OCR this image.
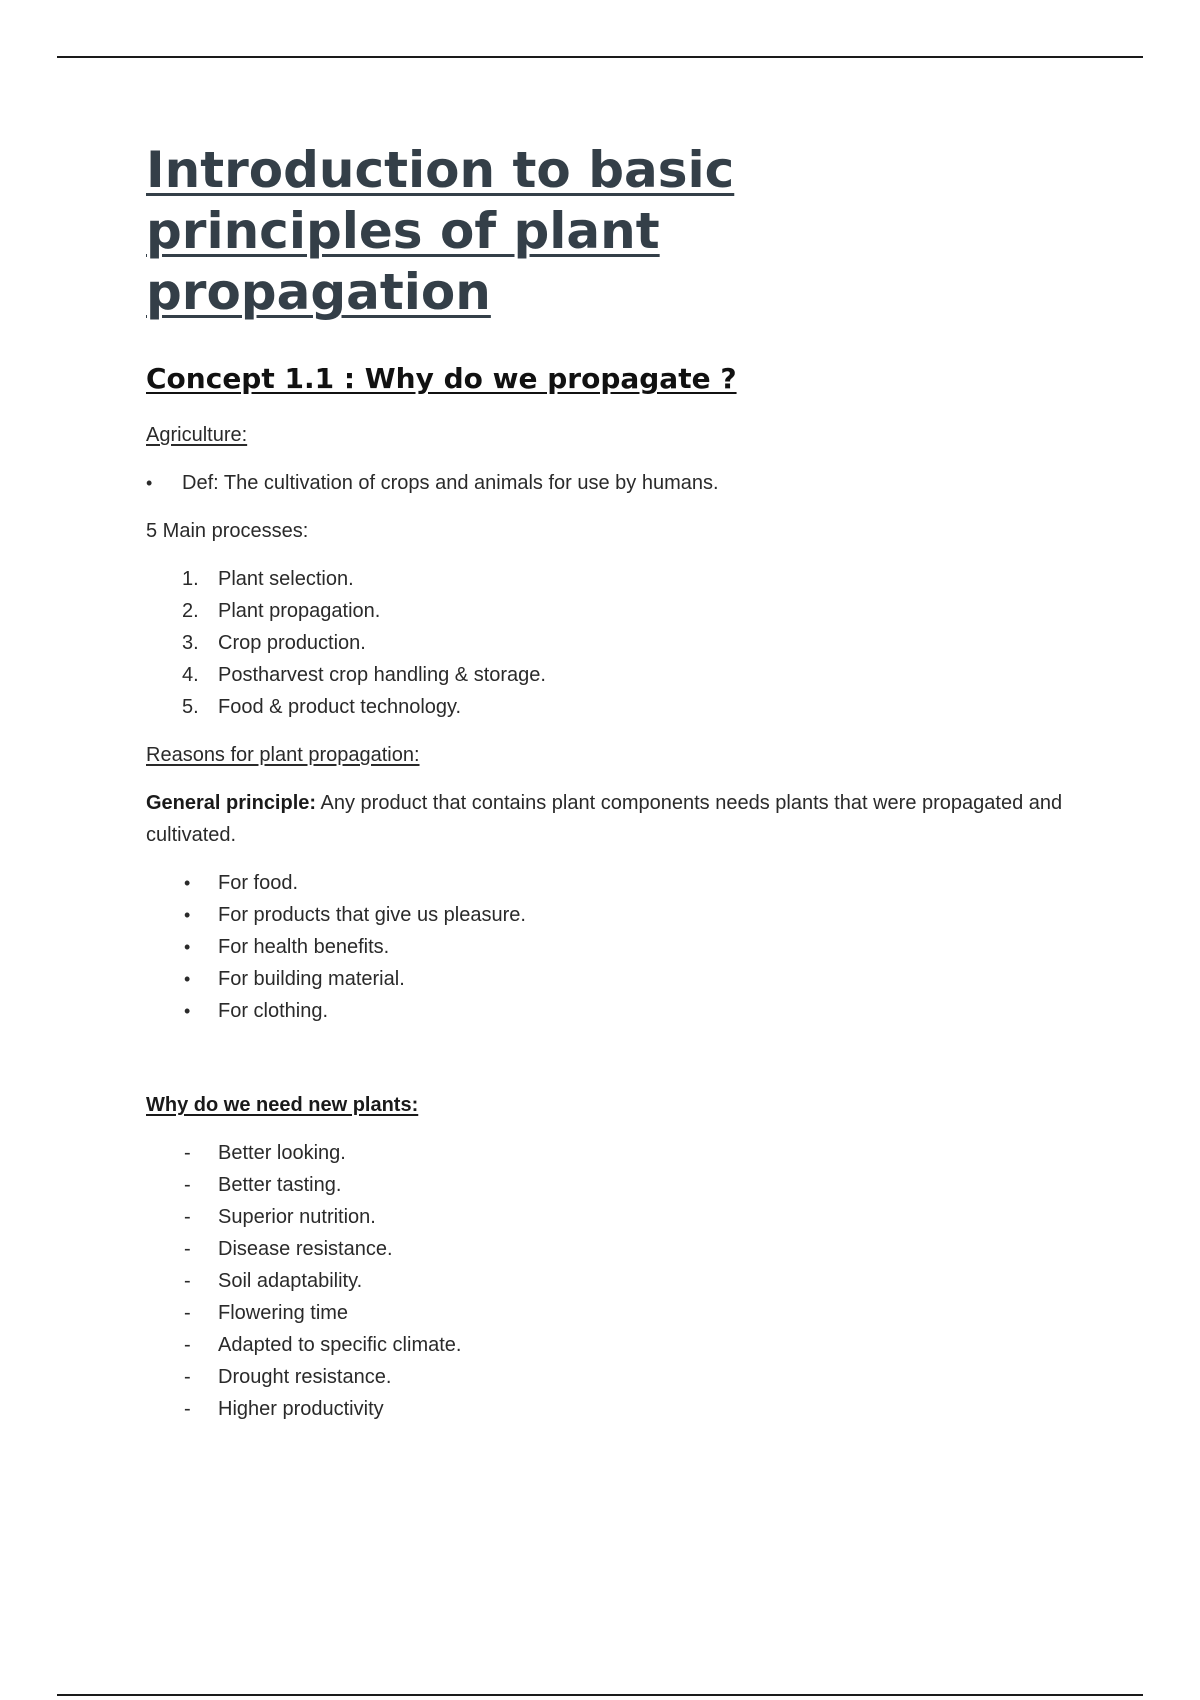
Introduction to basic principles of plant propagation
Concept 1.1 : Why do we propagate ?

Agriculture:

• Def: The cultivation of crops and animals for use by humans.

5 Main processes:

1. Plant selection.
2. Plant propagation.
3. Crop production.
4. Postharvest crop handling & storage.
5. Food & product technology.

Reasons for plant propagation:

General principle: Any product that contains plant components needs plants that were propagated and cultivated.

• For food.
• For products that give us pleasure.
• For health benefits.
• For building material.
• For clothing.

Why do we need new plants:

- Better looking.
- Better tasting.
- Superior nutrition.
- Disease resistance.
- Soil adaptability.
- Flowering time
- Adapted to specific climate.
- Drought resistance.
- Higher productivity
